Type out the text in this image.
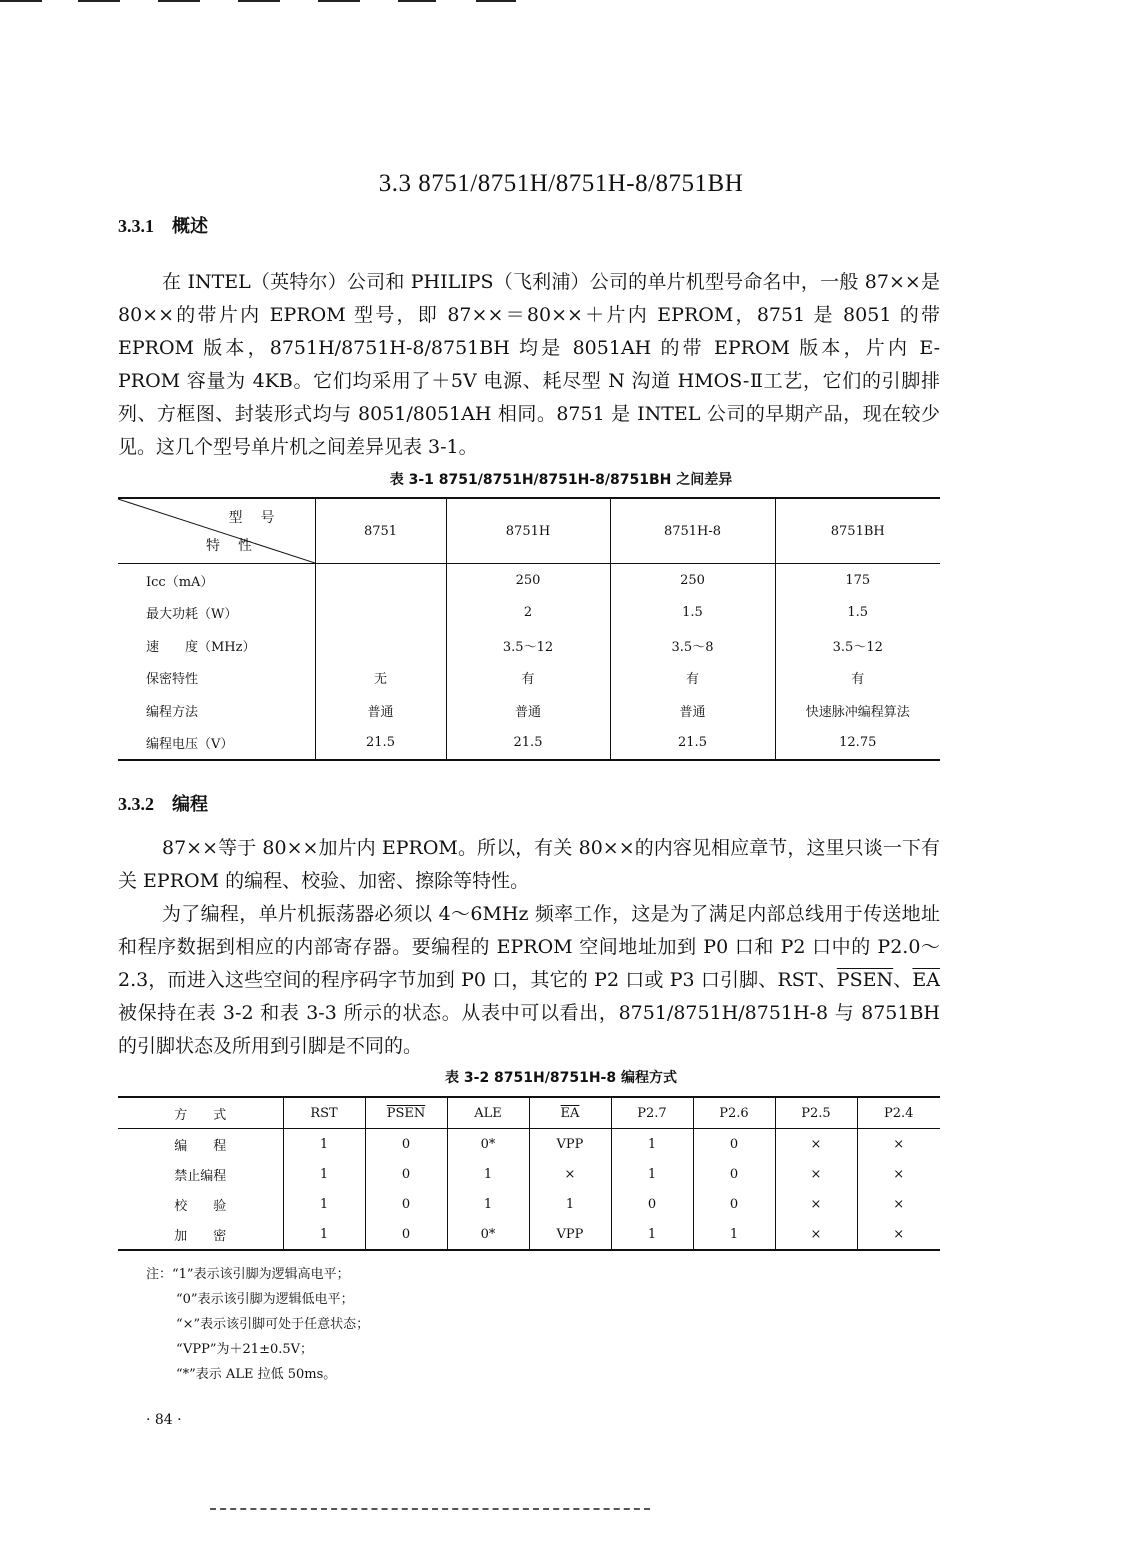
3.3 8751/8751H/8751H-8/8751BH
3.3.1 概述
在 INTEL（英特尔）公司和 PHILIPS（飞利浦）公司的单片机型号命名中，一般 87××是 80××的带片内 EPROM 型号，即 87××＝80××＋片内 EPROM，8751 是 8051 的带 EPROM 版本，8751H/8751H-8/8751BH 均是 8051AH 的带 EPROM 版本，片内 E-PROM 容量为 4KB。它们均采用了＋5V 电源、耗尽型 N 沟道 HMOS-Ⅱ工艺，它们的引脚排列、方框图、封装形式均与 8051/8051AH 相同。8751 是 INTEL 公司的早期产品，现在较少见。这几个型号单片机之间差异见表 3-1。
表 3-1 8751/8751H/8751H-8/8751BH 之间差异
型号
特性	8751	8751H	8751H-8	8751BH
Icc（mA）		250	250	175
最大功耗（W）		2	1.5	1.5
速　　度（MHz）		3.5～12	3.5～8	3.5～12
保密特性	无	有	有	有
编程方法	普通	普通	普通	快速脉冲编程算法
编程电压（V）	21.5	21.5	21.5	12.75
3.3.2 编程
87××等于 80××加片内 EPROM。所以，有关 80××的内容见相应章节，这里只谈一下有关 EPROM 的编程、校验、加密、擦除等特性。
为了编程，单片机振荡器必须以 4～6MHz 频率工作，这是为了满足内部总线用于传送地址和程序数据到相应的内部寄存器。要编程的 EPROM 空间地址加到 P0 口和 P2 口中的 P2.0～2.3，而进入这些空间的程序码字节加到 P0 口，其它的 P2 口或 P3 口引脚、RST、PSEN、$\overline{EA}$被保持在表 3-2 和表 3-3 所示的状态。从表中可以看出，8751/8751H/8751H-8 与 8751BH 的引脚状态及所用到引脚是不同的。
表 3-2 8751H/8751H-8 编程方式
方　　式	RST	PSEN	ALE	$\overline{EA}$	P2.7	P2.6	P2.5	P2.4
编　　程	1	0	0*	VPP	1	0	×	×
禁止编程	1	0	1	×	1	0	×	×
校　　验	1	0	1	1	0	0	×	×
加　　密	1	0	0*	VPP	1	1	×	×
注：“1”表示该引脚为逻辑高电平；
“0”表示该引脚为逻辑低电平；
“×”表示该引脚可处于任意状态；
“VPP”为＋21±0.5V；
“*”表示 ALE 拉低 50ms。
· 84 ·
